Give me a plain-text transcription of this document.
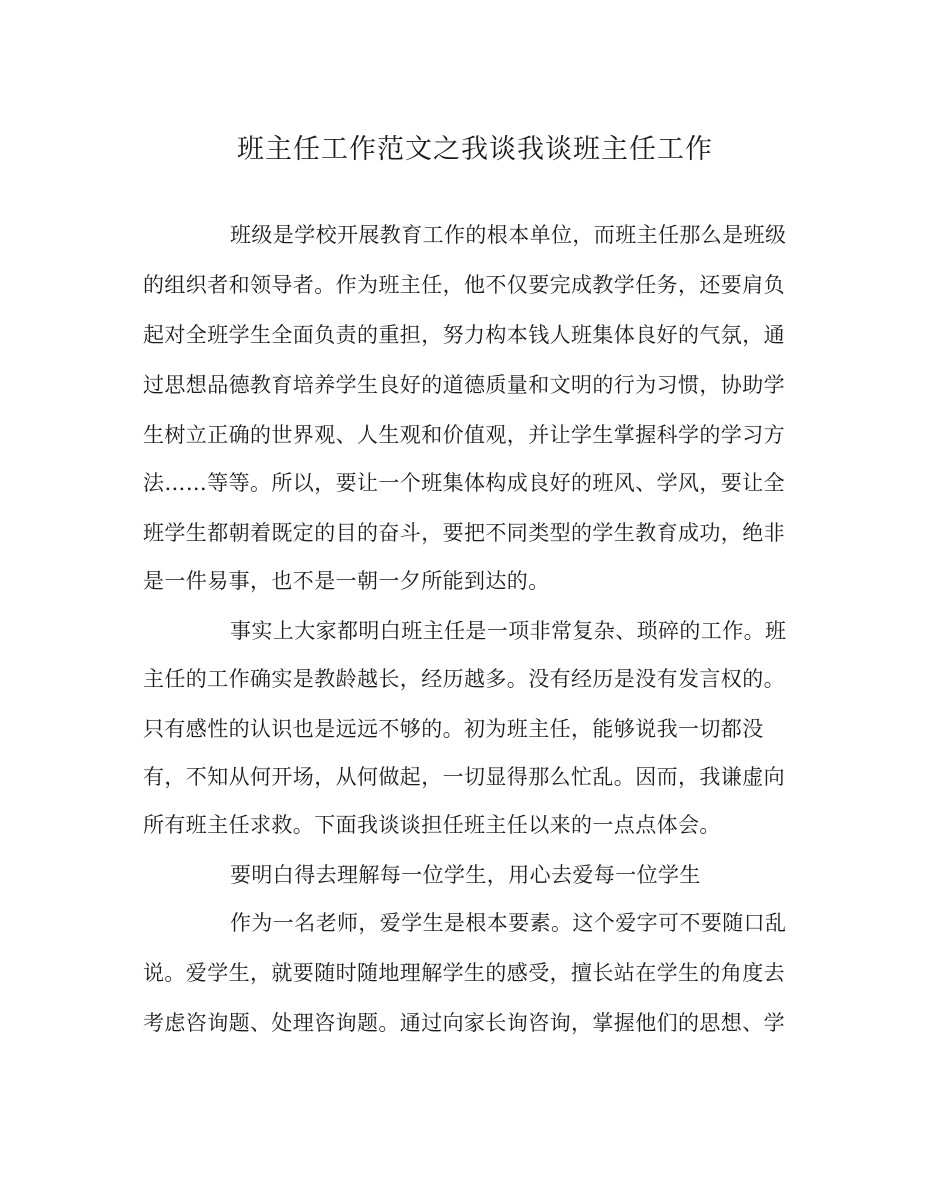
班主任工作范文之我谈我谈班主任工作

班级是学校开展教育工作的根本单位，而班主任那么是班级

的组织者和领导者。作为班主任，他不仅要完成教学任务，还要肩负

起对全班学生全面负责的重担，努力构本钱人班集体良好的气氛，通

过思想品德教育培养学生良好的道德质量和文明的行为习惯，协助学

生树立正确的世界观、人生观和价值观，并让学生掌握科学的学习方

法……等等。所以，要让一个班集体构成良好的班风、学风，要让全

班学生都朝着既定的目的奋斗，要把不同类型的学生教育成功，绝非

是一件易事，也不是一朝一夕所能到达的。

事实上大家都明白班主任是一项非常复杂、琐碎的工作。班

主任的工作确实是教龄越长，经历越多。没有经历是没有发言权的。

只有感性的认识也是远远不够的。初为班主任，能够说我一切都没

有，不知从何开场，从何做起，一切显得那么忙乱。因而，我谦虚向

所有班主任求救。下面我谈谈担任班主任以来的一点点体会。

要明白得去理解每一位学生，用心去爱每一位学生

作为一名老师，爱学生是根本要素。这个爱字可不要随口乱

说。爱学生，就要随时随地理解学生的感受，擅长站在学生的角度去

考虑咨询题、处理咨询题。通过向家长询咨询，掌握他们的思想、学
